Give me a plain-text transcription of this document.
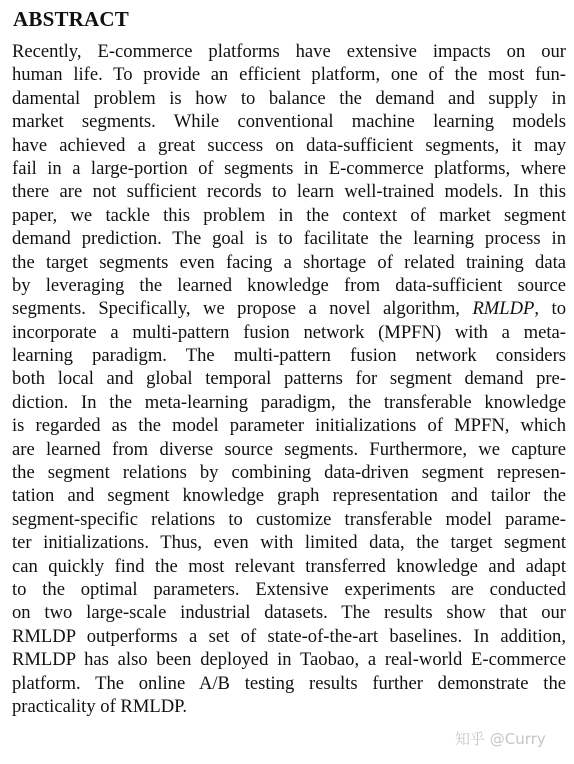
ABSTRACT
Recently, E-commerce platforms have extensive impacts on our
human life. To provide an efficient platform, one of the most fun-
damental problem is how to balance the demand and supply in
market segments. While conventional machine learning models
have achieved a great success on data-sufficient segments, it may
fail in a large-portion of segments in E-commerce platforms, where
there are not sufficient records to learn well-trained models. In this
paper, we tackle this problem in the context of market segment
demand prediction. The goal is to facilitate the learning process in
the target segments even facing a shortage of related training data
by leveraging the learned knowledge from data-sufficient source
segments. Specifically, we propose a novel algorithm, RMLDP, to
incorporate a multi-pattern fusion network (MPFN) with a meta-
learning paradigm. The multi-pattern fusion network considers
both local and global temporal patterns for segment demand pre-
diction. In the meta-learning paradigm, the transferable knowledge
is regarded as the model parameter initializations of MPFN, which
are learned from diverse source segments. Furthermore, we capture
the segment relations by combining data-driven segment represen-
tation and segment knowledge graph representation and tailor the
segment-specific relations to customize transferable model parame-
ter initializations. Thus, even with limited data, the target segment
can quickly find the most relevant transferred knowledge and adapt
to the optimal parameters. Extensive experiments are conducted
on two large-scale industrial datasets. The results show that our
RMLDP outperforms a set of state-of-the-art baselines. In addition,
RMLDP has also been deployed in Taobao, a real-world E-commerce
platform. The online A/B testing results further demonstrate the
practicality of RMLDP.
知乎 @Curry
